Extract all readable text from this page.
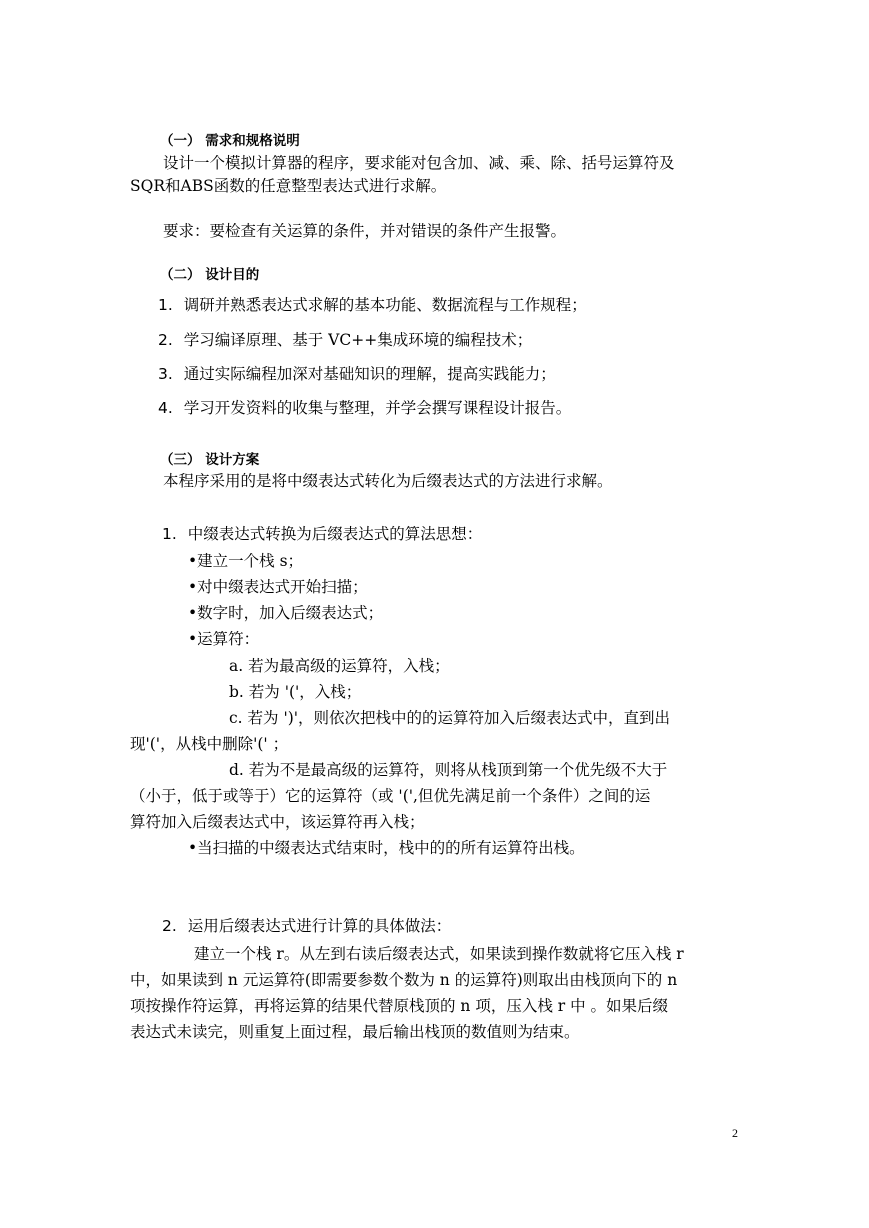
（一） 需求和规格说明
设计一个模拟计算器的程序，要求能对包含加、减、乘、除、括号运算符及
SQR和ABS函数的任意整型表达式进行求解。
要求：要检查有关运算的条件，并对错误的条件产生报警。
（二） 设计目的
1. 调研并熟悉表达式求解的基本功能、数据流程与工作规程；
2. 学习编译原理、基于 VC++集成环境的编程技术；
3. 通过实际编程加深对基础知识的理解，提高实践能力；
4. 学习开发资料的收集与整理，并学会撰写课程设计报告。
（三） 设计方案
本程序采用的是将中缀表达式转化为后缀表达式的方法进行求解。
1. 中缀表达式转换为后缀表达式的算法思想：
•建立一个栈 s；
•对中缀表达式开始扫描；
•数字时，加入后缀表达式；
•运算符：
a. 若为最高级的运算符，入栈；
b. 若为 '('，入栈；
c. 若为 ')'，则依次把栈中的的运算符加入后缀表达式中，直到出
现'('，从栈中删除'(' ；
d. 若为不是最高级的运算符，则将从栈顶到第一个优先级不大于
（小于，低于或等于）它的运算符（或 '(',但优先满足前一个条件）之间的运
算符加入后缀表达式中，该运算符再入栈；
•当扫描的中缀表达式结束时，栈中的的所有运算符出栈。
2. 运用后缀表达式进行计算的具体做法：
建立一个栈 r。从左到右读后缀表达式，如果读到操作数就将它压入栈 r
中，如果读到 n 元运算符(即需要参数个数为 n 的运算符)则取出由栈顶向下的 n
项按操作符运算，再将运算的结果代替原栈顶的 n 项，压入栈 r 中 。如果后缀
表达式未读完，则重复上面过程，最后输出栈顶的数值则为结束。
2
